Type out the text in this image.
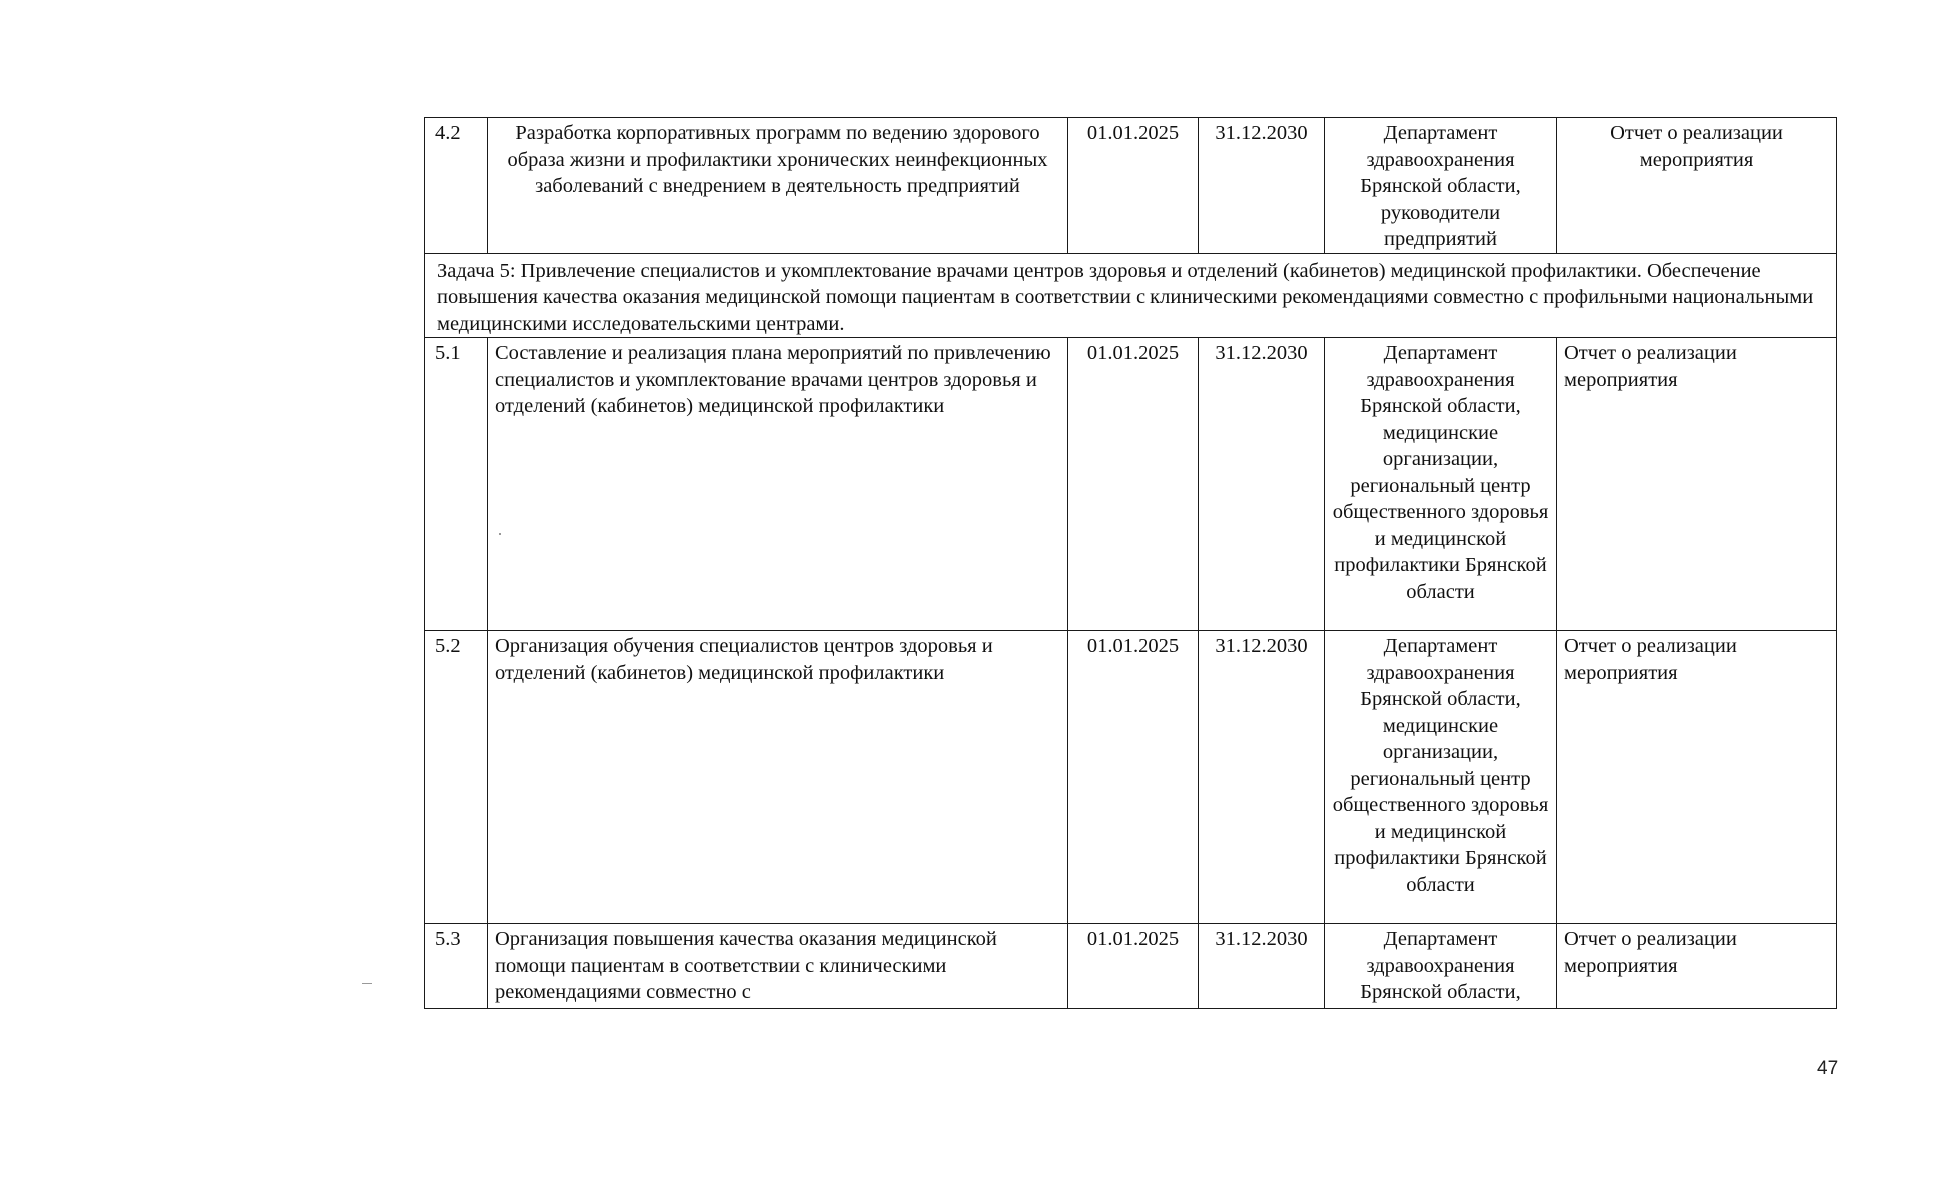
4.2	Разработка корпоративных программ по ведению здорового образа жизни и профилактики хронических неинфекционных заболеваний с внедрением в деятельность предприятий	01.01.2025	31.12.2030	Департамент здравоохранения Брянской области, руководители предприятий	Отчет о реализации мероприятия
Задача 5: Привлечение специалистов и укомплектование врачами центров здоровья и отделений (кабинетов) медицинской профилактики. Обеспечение повышения качества оказания медицинской помощи пациентам в соответствии с клиническими рекомендациями совместно с профильными национальными медицинскими исследовательскими центрами.					
5.1	Составление и реализация плана мероприятий по привлечению специалистов и укомплектование врачами центров здоровья и отделений (кабинетов) медицинской профилактики	01.01.2025	31.12.2030	Департамент здравоохранения Брянской области, медицинские организации, региональный центр общественного здоровья и медицинской профилактики Брянской области	Отчет о реализации мероприятия
5.2	Организация обучения специалистов центров здоровья и отделений (кабинетов) медицинской профилактики	01.01.2025	31.12.2030	Департамент здравоохранения Брянской области, медицинские организации, региональный центр общественного здоровья и медицинской профилактики Брянской области	Отчет о реализации мероприятия
5.3	Организация повышения качества оказания медицинской помощи пациентам в соответствии с клиническими рекомендациями совместно с	01.01.2025	31.12.2030	Департамент здравоохранения Брянской области,	Отчет о реализации мероприятия
47
